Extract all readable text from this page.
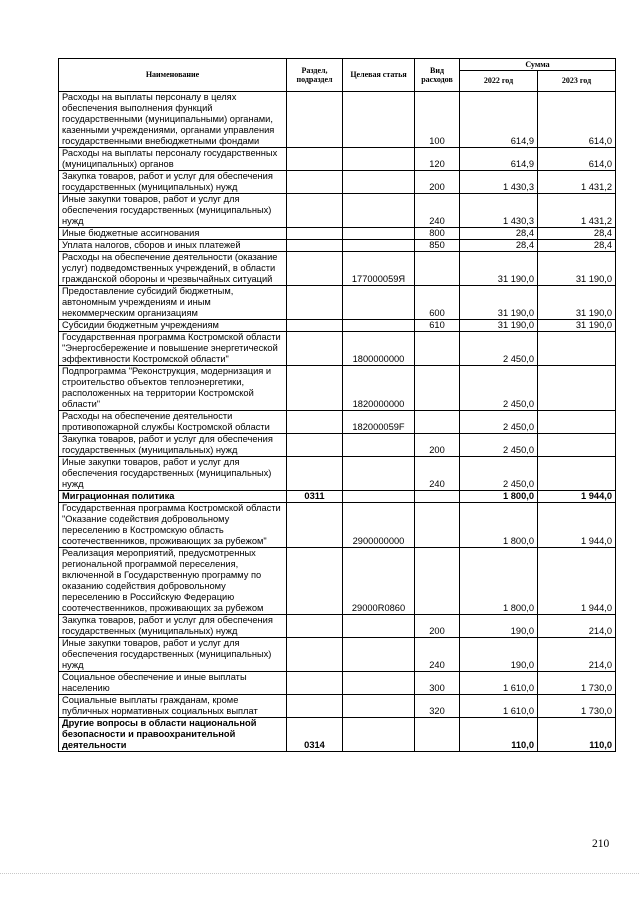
Наименование	Раздел, подраздел	Целевая статья	Вид расходов	Сумма	
				2022 год	2023 год
Расходы на выплаты персоналу в целях обеспечения выполнения функций государственными (муниципальными) органами, казенными учреждениями, органами управления государственными внебюджетными фондами			100	614,9	614,0
Расходы на выплаты персоналу государственных (муниципальных) органов			120	614,9	614,0
Закупка товаров, работ и услуг для обеспечения государственных (муниципальных) нужд			200	1 430,3	1 431,2
Иные закупки товаров, работ и услуг для обеспечения государственных (муниципальных) нужд			240	1 430,3	1 431,2
Иные бюджетные ассигнования			800	28,4	28,4
Уплата налогов, сборов и иных платежей			850	28,4	28,4
Расходы на обеспечение деятельности (оказание услуг) подведомственных учреждений, в области гражданской обороны и чрезвычайных ситуаций		177000059Я		31 190,0	31 190,0
Предоставление субсидий бюджетным, автономным учреждениям и иным некоммерческим организациям			600	31 190,0	31 190,0
Субсидии бюджетным учреждениям			610	31 190,0	31 190,0
Государственная программа Костромской области "Энергосбережение и повышение энергетической эффективности Костромской области"		1800000000		2 450,0	
Подпрограмма "Реконструкция, модернизация и строительство объектов теплоэнергетики, расположенных на территории Костромской области"		1820000000		2 450,0	
Расходы на обеспечение деятельности противопожарной службы Костромской области		182000059F		2 450,0	
Закупка товаров, работ и услуг для обеспечения государственных (муниципальных) нужд			200	2 450,0	
Иные закупки товаров, работ и услуг для обеспечения государственных (муниципальных) нужд			240	2 450,0	
Миграционная политика	0311			1 800,0	1 944,0
Государственная программа Костромской области "Оказание содействия добровольному переселению в Костромскую область соотечественников, проживающих за рубежом"		2900000000		1 800,0	1 944,0
Реализация мероприятий, предусмотренных региональной программой переселения, включенной в Государственную программу по оказанию содействия добровольному переселению в Российскую Федерацию соотечественников, проживающих за рубежом		29000R0860		1 800,0	1 944,0
Закупка товаров, работ и услуг для обеспечения государственных (муниципальных) нужд			200	190,0	214,0
Иные закупки товаров, работ и услуг для обеспечения государственных (муниципальных) нужд			240	190,0	214,0
Социальное обеспечение и иные выплаты населению			300	1 610,0	1 730,0
Социальные выплаты гражданам, кроме публичных нормативных социальных выплат			320	1 610,0	1 730,0
Другие вопросы в области национальной безопасности и правоохранительной деятельности	0314			110,0	110,0
210
